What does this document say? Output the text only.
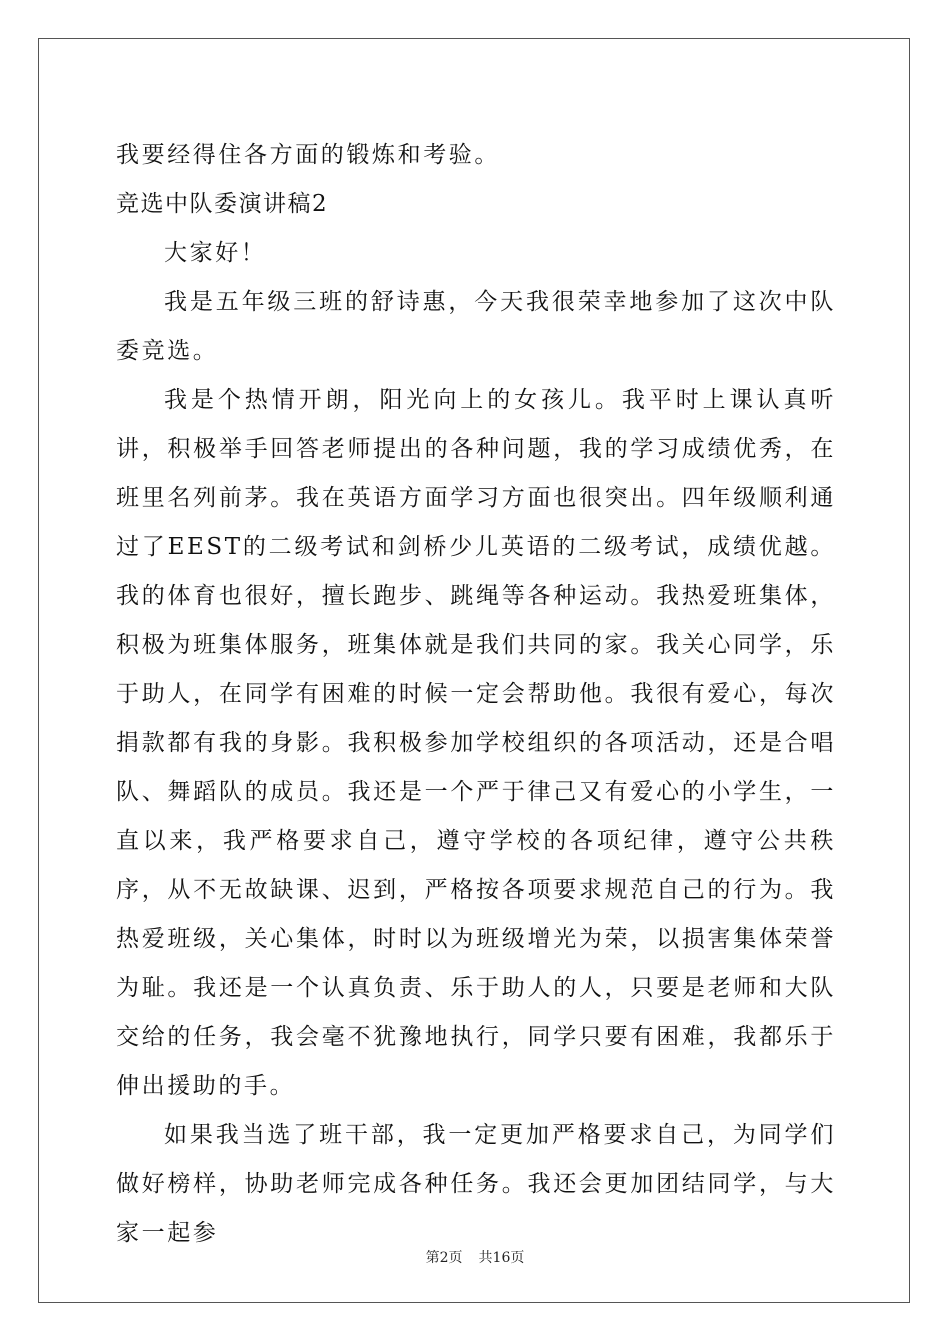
我要经得住各方面的锻炼和考验。

竞选中队委演讲稿2

大家好！

我是五年级三班的舒诗惠，今天我很荣幸地参加了这次中队委竞选。

我是个热情开朗，阳光向上的女孩儿。我平时上课认真听讲，积极举手回答老师提出的各种问题，我的学习成绩优秀，在班里名列前茅。我在英语方面学习方面也很突出。四年级顺利通过了EEST的二级考试和剑桥少儿英语的二级考试，成绩优越。我的体育也很好，擅长跑步、跳绳等各种运动。我热爱班集体，积极为班集体服务，班集体就是我们共同的家。我关心同学，乐于助人，在同学有困难的时候一定会帮助他。我很有爱心，每次捐款都有我的身影。我积极参加学校组织的各项活动，还是合唱队、舞蹈队的成员。我还是一个严于律己又有爱心的小学生，一直以来，我严格要求自己，遵守学校的各项纪律，遵守公共秩序，从不无故缺课、迟到，严格按各项要求规范自己的行为。我热爱班级，关心集体，时时以为班级增光为荣，以损害集体荣誉为耻。我还是一个认真负责、乐于助人的人，只要是老师和大队交给的任务，我会毫不犹豫地执行，同学只要有困难，我都乐于伸出援助的手。

如果我当选了班干部，我一定更加严格要求自己，为同学们做好榜样，协助老师完成各种任务。我还会更加团结同学，与大家一起参

第2页 共16页
